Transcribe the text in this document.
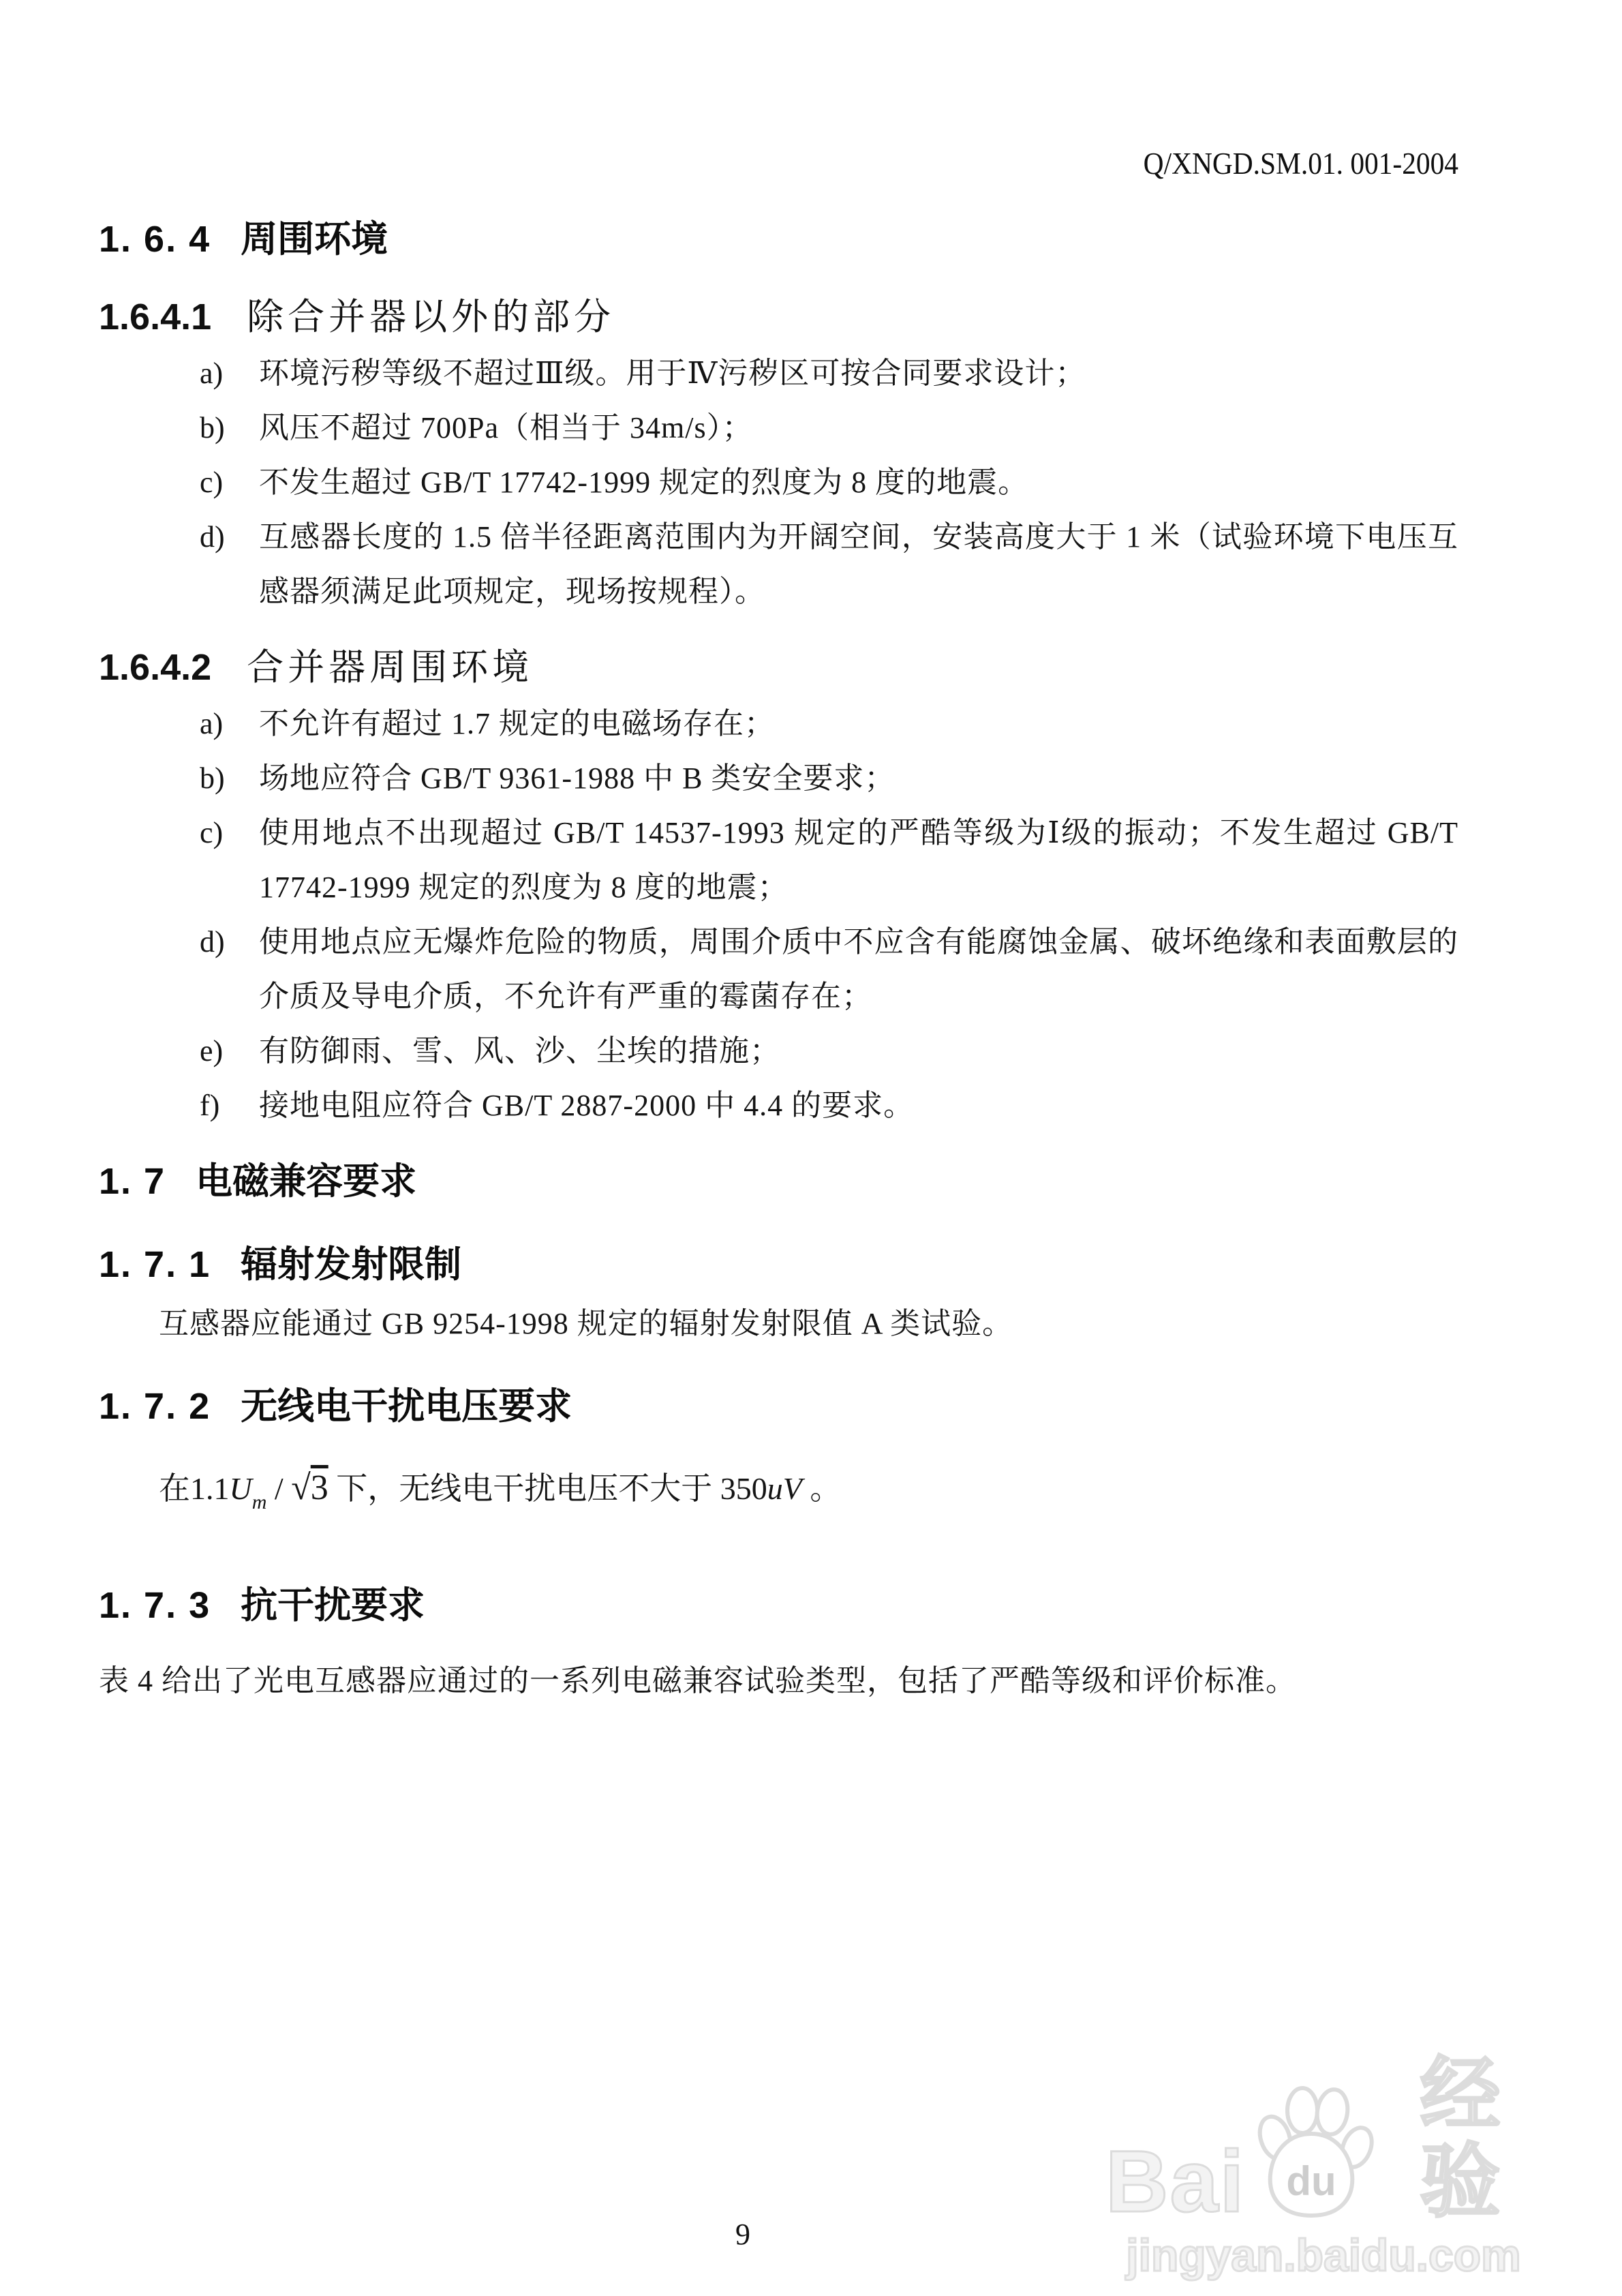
Q/XNGD.SM.01. 001-2004
1. 6. 4 周围环境
1.6.4.1 除合并器以外的部分
a)	环境污秽等级不超过Ⅲ级。用于Ⅳ污秽区可按合同要求设计；
b)	风压不超过 700Pa（相当于 34m/s）；
c)	不发生超过 GB/T 17742-1999 规定的烈度为 8 度的地震。
d)	互感器长度的 1.5 倍半径距离范围内为开阔空间，安装高度大于 1 米（试验环境下电压互感器须满足此项规定，现场按规程）。
1.6.4.2 合并器周围环境
a)	不允许有超过 1.7 规定的电磁场存在；
b)	场地应符合 GB/T 9361-1988 中 B 类安全要求；
c)	使用地点不出现超过 GB/T 14537-1993 规定的严酷等级为Ⅰ级的振动；不发生超过 GB/T 17742-1999 规定的烈度为 8 度的地震；
d)	使用地点应无爆炸危险的物质，周围介质中不应含有能腐蚀金属、破坏绝缘和表面敷层的介质及导电介质，不允许有严重的霉菌存在；
e)	有防御雨、雪、风、沙、尘埃的措施；
f)	接地电阻应符合 GB/T 2887-2000 中 4.4 的要求。
1. 7 电磁兼容要求
1. 7. 1 辐射发射限制
互感器应能通过 GB 9254-1998 规定的辐射发射限值 A 类试验。
1. 7. 2 无线电干扰电压要求
在$1.1U_m / √3$ 下，无线电干扰电压不大于 350uV 。
1. 7. 3 抗干扰要求
表 4 给出了光电互感器应通过的一系列电磁兼容试验类型，包括了严酷等级和评价标准。
9
Bai du
经验
jingyan.baidu.com
